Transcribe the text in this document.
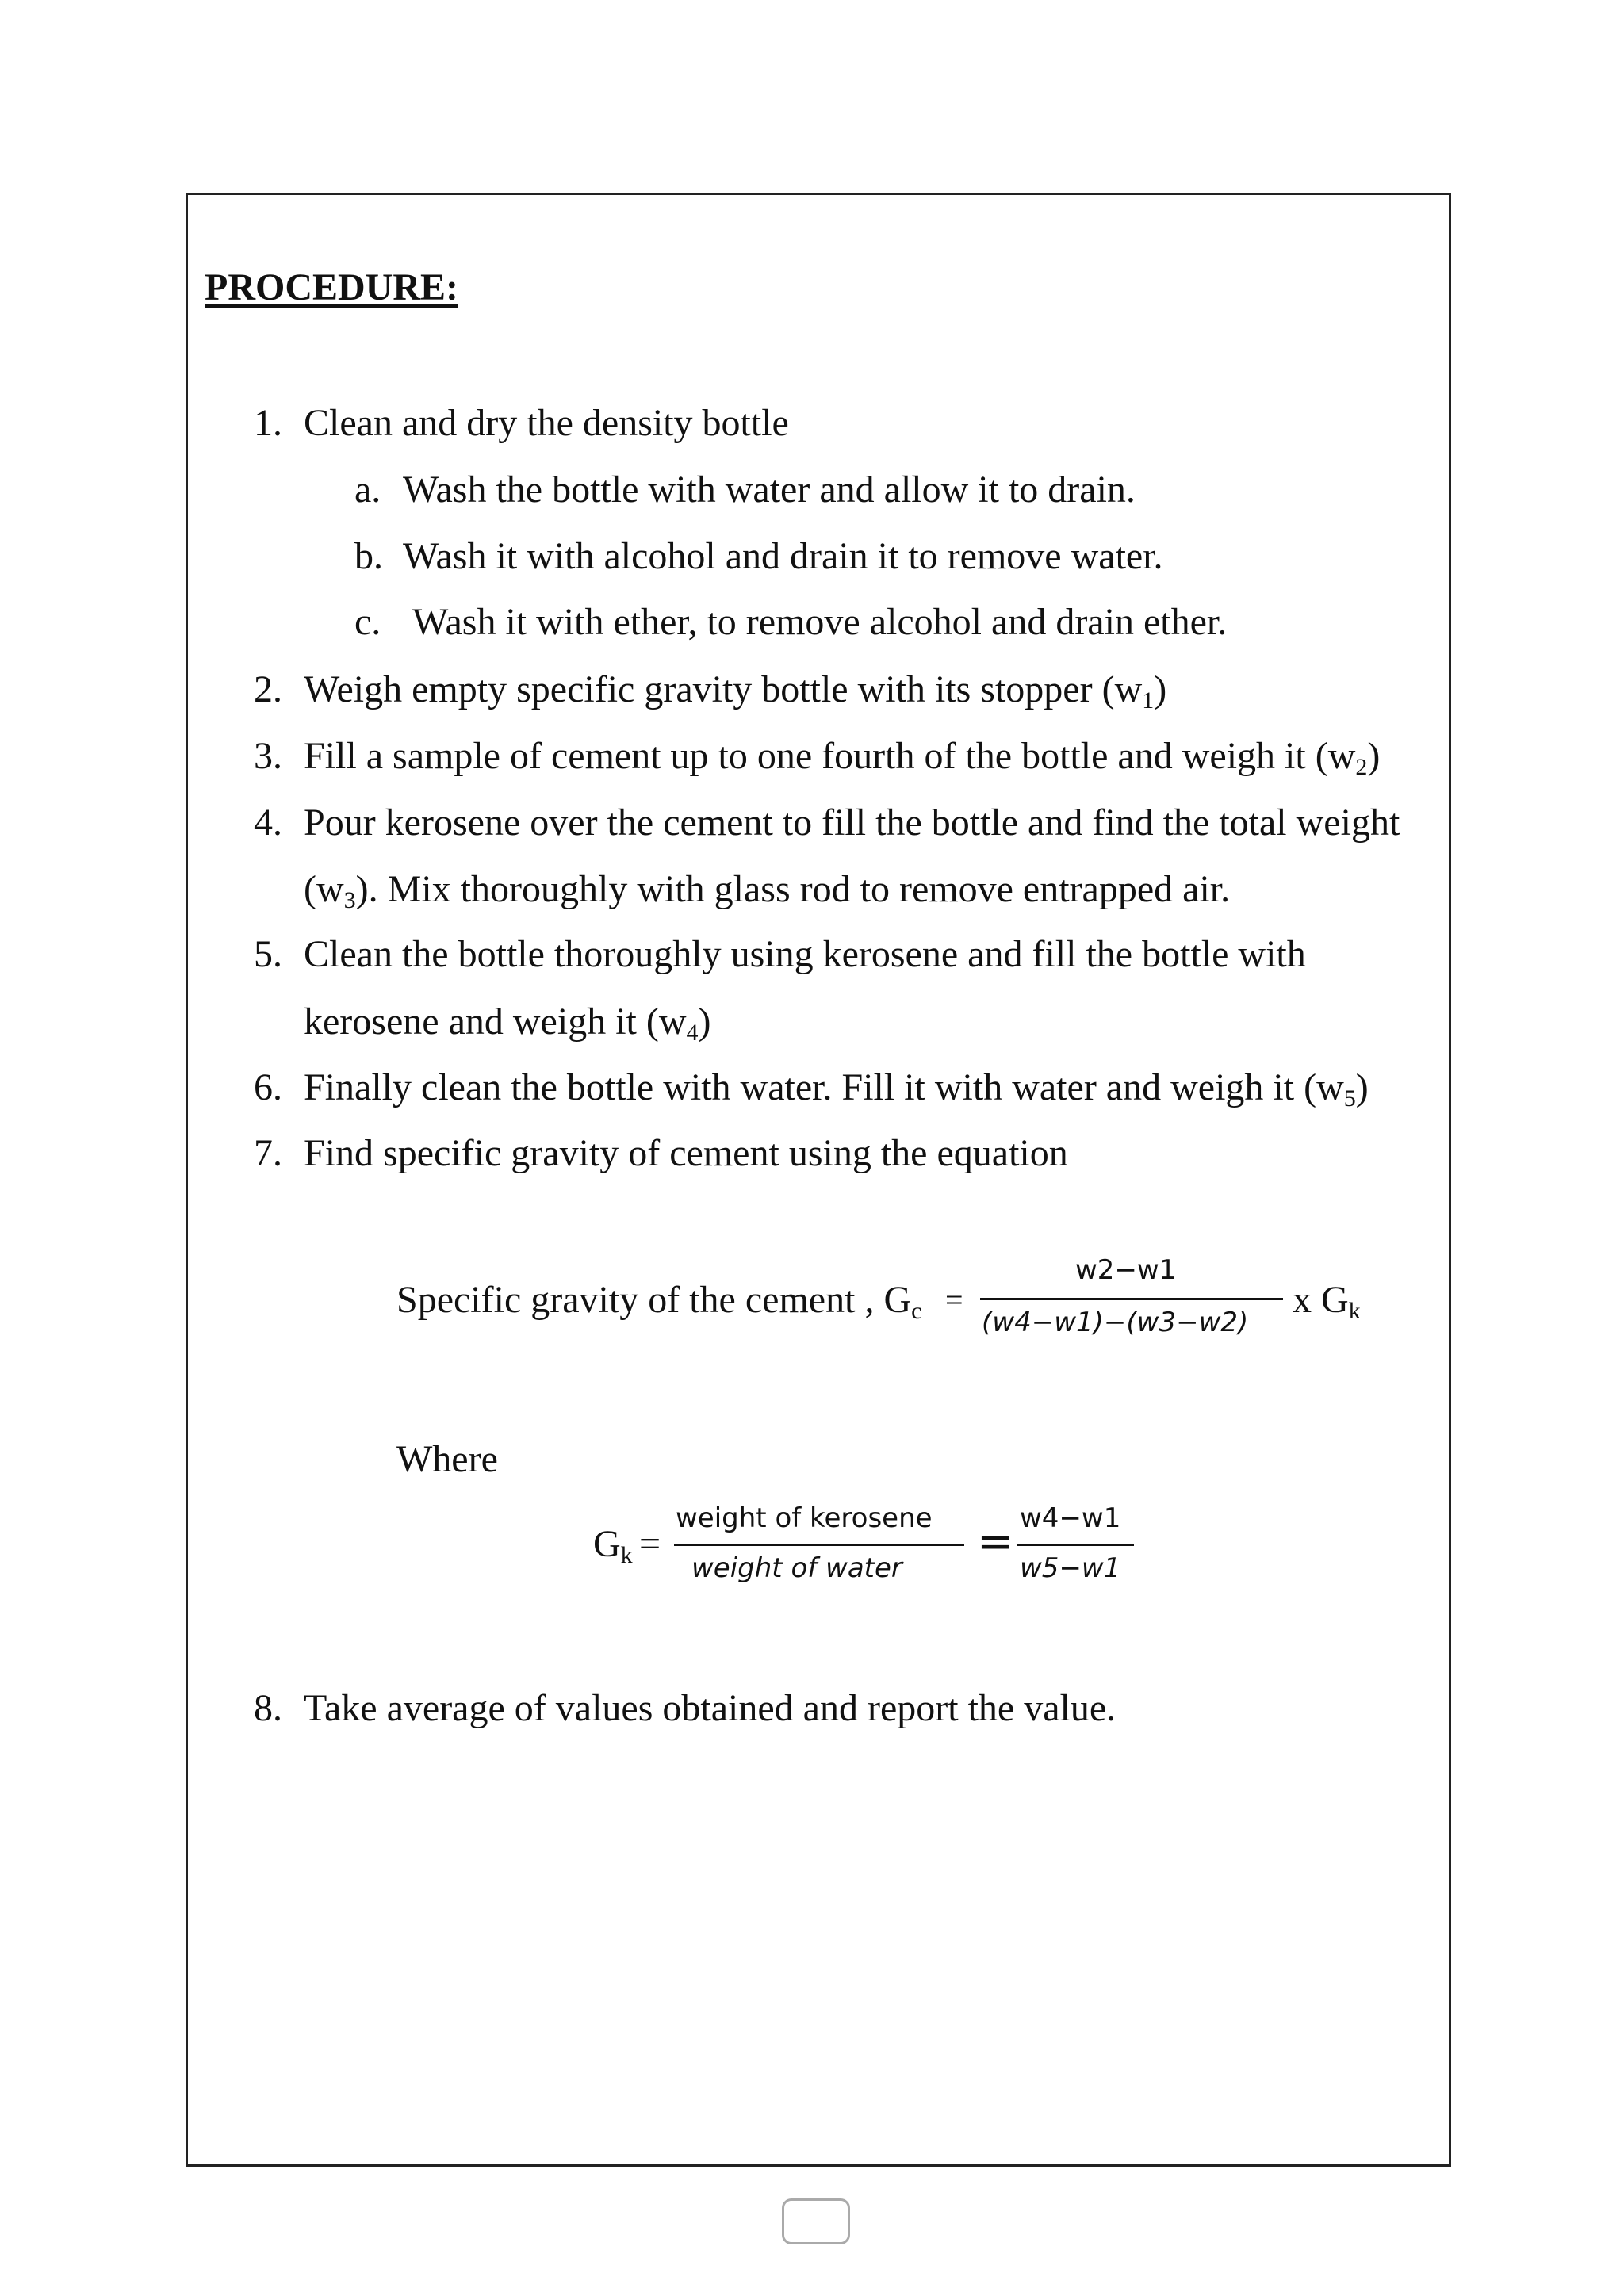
PROCEDURE:
1. Clean and dry the density bottle
a. Wash the bottle with water and allow it to drain.
b. Wash it with alcohol and drain it to remove water.
c. Wash it with ether, to remove alcohol and drain ether.
2. Weigh empty specific gravity bottle with its stopper $(w_1)$
3. Fill a sample of cement up to one fourth of the bottle and weigh it $(w_2)$
4. Pour kerosene over the cement to fill the bottle and find the total weight
$(w_3)$. Mix thoroughly with glass rod to remove entrapped air.
5. Clean the bottle thoroughly using kerosene and fill the bottle with
kerosene and weigh it $(w_4)$
6. Finally clean the bottle with water. Fill it with water and weigh it $(w_5)$
7. Find specific gravity of cement using the equation
Specific gravity of the cement , $G_c$ =
w2−w1
(w4−w1)−(w3−w2)
x $G_k$
Where
$G_k$ =
weight of kerosene
weight of water
= w4−w1
w5−w1
8. Take average of values obtained and report the value.
